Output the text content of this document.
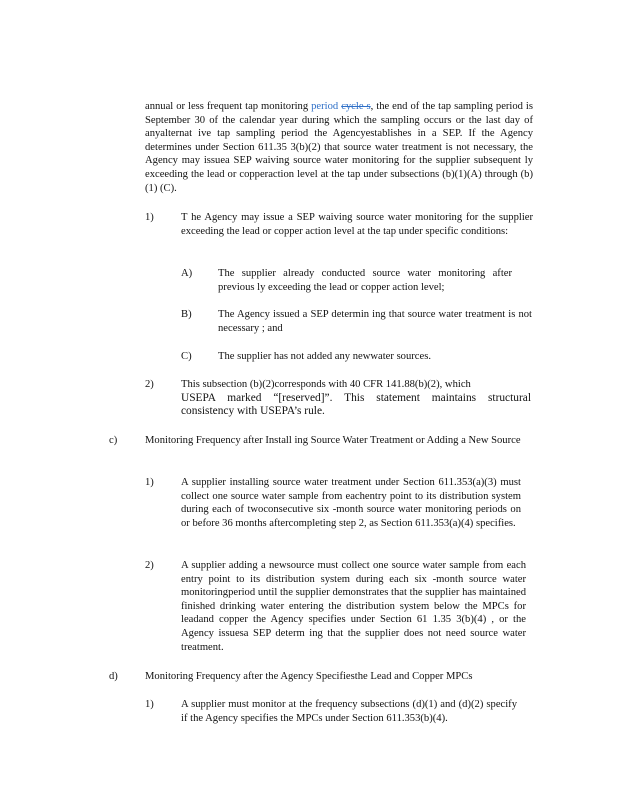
annual or less frequent tap monitoring period cycle s, the end of the tap sampling period is September 30 of the calendar year during which the sampling occurs or the last day of anyalternat ive tap sampling period the Agencyestablishes in a SEP. If the Agency determines under Section 611.35 3(b)(2) that source water treatment is not necessary, the Agency may issuea SEP waiving source water monitoring for the supplier subsequent ly exceeding the lead or copperaction level at the tap under subsections (b)(1)(A) through (b)(1) (C).

1)	T he Agency may issue a SEP waiving source water monitoring for the supplier exceeding the lead or copper action level at the tap under specific conditions:

A) The supplier already conducted source water monitoring after previous ly exceeding the lead or copper action level;

B) The Agency issued a SEP determin ing that source water treatment is not necessary ; and

C) The supplier has not added any newwater sources.

2)	This subsection (b)(2)corresponds with 40 CFR 141.88(b)(2), which

USEPA marked “[reserved]”. This statement maintains structural consistency with USEPA’s rule.

c)	Monitoring Frequency after Install ing Source Water Treatment or Adding a New Source

1)	A supplier installing source water treatment under Section 611.353(a)(3) must collect one source water sample from eachentry point to its distribution system during each of twoconsecutive six -month source water monitoring periods on or before 36 months aftercompleting step 2, as Section 611.353(a)(4) specifies.

2)	A supplier adding a newsource must collect one source water sample from each entry point to its distribution system during each six -month source water monitoringperiod until the supplier demonstrates that the supplier has maintained finished drinking water entering the distribution system below the MPCs for leadand copper the Agency specifies under Section 61 1.35 3(b)(4) , or the Agency issuesa SEP determ ing that the supplier does not need source water treatment.

d)	Monitoring Frequency after the Agency Specifiesthe Lead and Copper MPCs

1)	A supplier must monitor at the frequency subsections (d)(1) and (d)(2) specify if the Agency specifies the MPCs under Section 611.353(b)(4).
